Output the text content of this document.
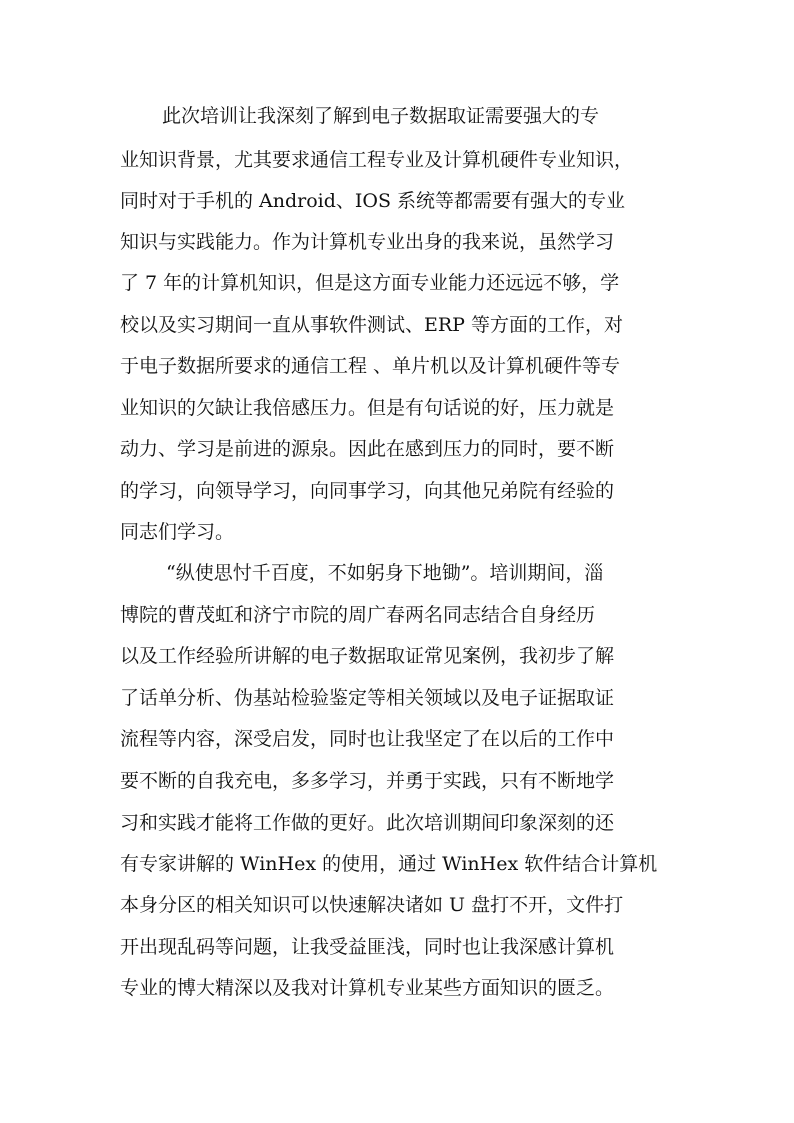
此次培训让我深刻了解到电子数据取证需要强大的专
业知识背景，尤其要求通信工程专业及计算机硬件专业知识，
同时对于手机的 Android、IOS 系统等都需要有强大的专业
知识与实践能力。作为计算机专业出身的我来说，虽然学习
了 7 年的计算机知识，但是这方面专业能力还远远不够，学
校以及实习期间一直从事软件测试、ERP 等方面的工作，对
于电子数据所要求的通信工程 、单片机以及计算机硬件等专
业知识的欠缺让我倍感压力。但是有句话说的好，压力就是
动力、学习是前进的源泉。因此在感到压力的同时，要不断
的学习，向领导学习，向同事学习，向其他兄弟院有经验的
同志们学习。
“纵使思忖千百度，不如躬身下地锄”。培训期间，淄
博院的曹茂虹和济宁市院的周广春两名同志结合自身经历
以及工作经验所讲解的电子数据取证常见案例，我初步了解
了话单分析、伪基站检验鉴定等相关领域以及电子证据取证
流程等内容，深受启发，同时也让我坚定了在以后的工作中
要不断的自我充电，多多学习，并勇于实践，只有不断地学
习和实践才能将工作做的更好。此次培训期间印象深刻的还
有专家讲解的 WinHex 的使用，通过 WinHex 软件结合计算机
本身分区的相关知识可以快速解决诸如 U 盘打不开，文件打
开出现乱码等问题，让我受益匪浅，同时也让我深感计算机
专业的博大精深以及我对计算机专业某些方面知识的匮乏。
